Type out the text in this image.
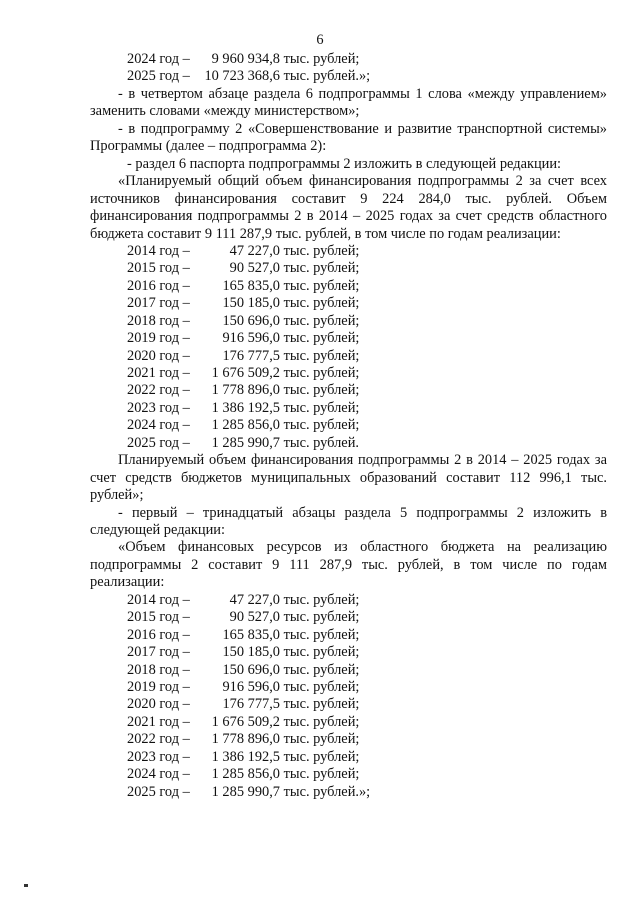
6
2024 год – 9 960 934,8 тыс. рублей;
2025 год – 10 723 368,6 тыс. рублей.»;

- в четвертом абзаце раздела 6 подпрограммы 1 слова «между управлением» заменить словами «между министерством»;

- в подпрограмму 2 «Совершенствование и развитие транспортной системы» Программы (далее – подпрограмма 2):

- раздел 6 паспорта подпрограммы 2 изложить в следующей редакции:

«Планируемый общий объем финансирования подпрограммы 2 за счет всех источников финансирования составит 9 224 284,0 тыс. рублей. Объем финансирования подпрограммы 2 в 2014 – 2025 годах за счет средств областного бюджета составит 9 111 287,9 тыс. рублей, в том числе по годам реализации:

2014 год –	47 227,0 тыс. рублей;
2015 год –	90 527,0 тыс. рублей;
2016 год – 165 835,0 тыс. рублей;
2017 год – 150 185,0 тыс. рублей;
2018 год – 150 696,0 тыс. рублей;
2019 год – 916 596,0 тыс. рублей;
2020 год – 176 777,5 тыс. рублей;
2021 год – 1 676 509,2 тыс. рублей;
2022 год – 1 778 896,0 тыс. рублей;
2023 год – 1 386 192,5 тыс. рублей;
2024 год – 1 285 856,0 тыс. рублей;
2025 год – 1 285 990,7 тыс. рублей.

Планируемый объем финансирования подпрограммы 2 в 2014 – 2025 годах за счет средств бюджетов муниципальных образований составит 112 996,1 тыс. рублей»;

- первый – тринадцатый абзацы раздела 5 подпрограммы 2 изложить в следующей редакции:

«Объем финансовых ресурсов из областного бюджета на реализацию подпрограммы 2 составит 9 111 287,9 тыс. рублей, в том числе по годам реализации:

2014 год –	47 227,0 тыс. рублей;
2015 год –	90 527,0 тыс. рублей;
2016 год – 165 835,0 тыс. рублей;
2017 год – 150 185,0 тыс. рублей;
2018 год – 150 696,0 тыс. рублей;
2019 год – 916 596,0 тыс. рублей;
2020 год – 176 777,5 тыс. рублей;
2021 год – 1 676 509,2 тыс. рублей;
2022 год – 1 778 896,0 тыс. рублей;
2023 год – 1 386 192,5 тыс. рублей;
2024 год – 1 285 856,0 тыс. рублей;
2025 год – 1 285 990,7 тыс. рублей.»;
